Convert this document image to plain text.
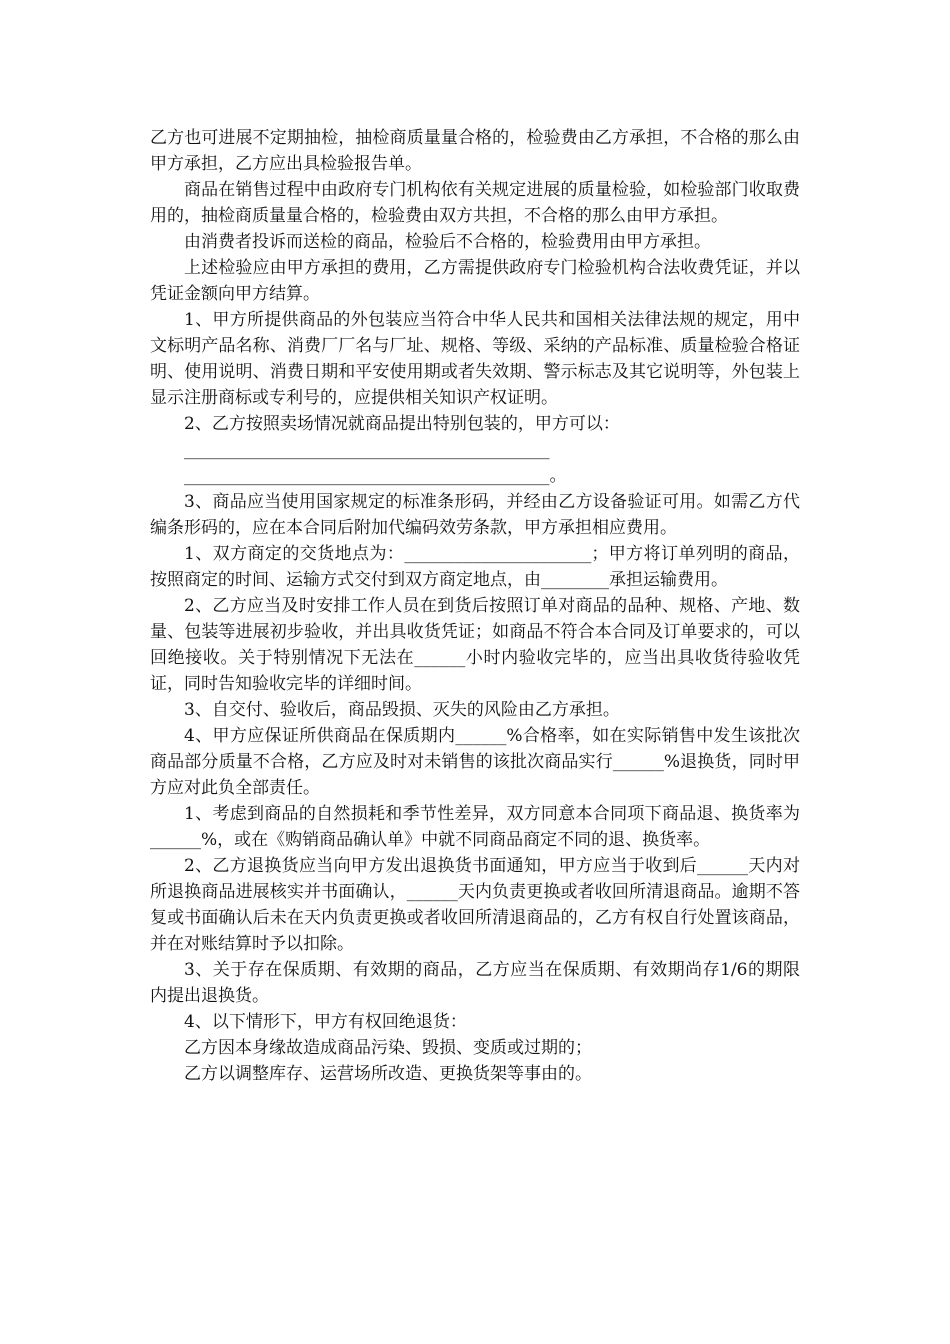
乙方也可进展不定期抽检，抽检商质量量合格的，检验费由乙方承担，不合格的那么由甲方承担，乙方应出具检验报告单。

商品在销售过程中由政府专门机构依有关规定进展的质量检验，如检验部门收取费用的，抽检商质量量合格的，检验费由双方共担，不合格的那么由甲方承担。

由消费者投诉而送检的商品，检验后不合格的，检验费用由甲方承担。

上述检验应由甲方承担的费用，乙方需提供政府专门检验机构合法收费凭证，并以凭证金额向甲方结算。

1、甲方所提供商品的外包装应当符合中华人民共和国相关法律法规的规定，用中文标明产品名称、消费厂厂名与厂址、规格、等级、采纳的产品标准、质量检验合格证明、使用说明、消费日期和平安使用期或者失效期、警示标志及其它说明等，外包装上显示注册商标或专利号的，应提供相关知识产权证明。

2、乙方按照卖场情况就商品提出特别包装的，甲方可以：

___________________________________________

___________________________________________。

3、商品应当使用国家规定的标准条形码，并经由乙方设备验证可用。如需乙方代编条形码的，应在本合同后附加代编码效劳条款，甲方承担相应费用。

1、双方商定的交货地点为：______________________；甲方将订单列明的商品，按照商定的时间、运输方式交付到双方商定地点，由________承担运输费用。

2、乙方应当及时安排工作人员在到货后按照订单对商品的品种、规格、产地、数量、包装等进展初步验收，并出具收货凭证；如商品不符合本合同及订单要求的，可以回绝接收。关于特别情况下无法在______小时内验收完毕的，应当出具收货待验收凭证，同时告知验收完毕的详细时间。

3、自交付、验收后，商品毁损、灭失的风险由乙方承担。

4、甲方应保证所供商品在保质期内______%合格率，如在实际销售中发生该批次商品部分质量不合格，乙方应及时对未销售的该批次商品实行______%退换货，同时甲方应对此负全部责任。

1、考虑到商品的自然损耗和季节性差异，双方同意本合同项下商品退、换货率为______%，或在《购销商品确认单》中就不同商品商定不同的退、换货率。

2、乙方退换货应当向甲方发出退换货书面通知，甲方应当于收到后______天内对所退换商品进展核实并书面确认，______天内负责更换或者收回所清退商品。逾期不答复或书面确认后未在天内负责更换或者收回所清退商品的，乙方有权自行处置该商品，并在对账结算时予以扣除。

3、关于存在保质期、有效期的商品，乙方应当在保质期、有效期尚存1/6的期限内提出退换货。

4、以下情形下，甲方有权回绝退货：

乙方因本身缘故造成商品污染、毁损、变质或过期的；

乙方以调整库存、运营场所改造、更换货架等事由的。
